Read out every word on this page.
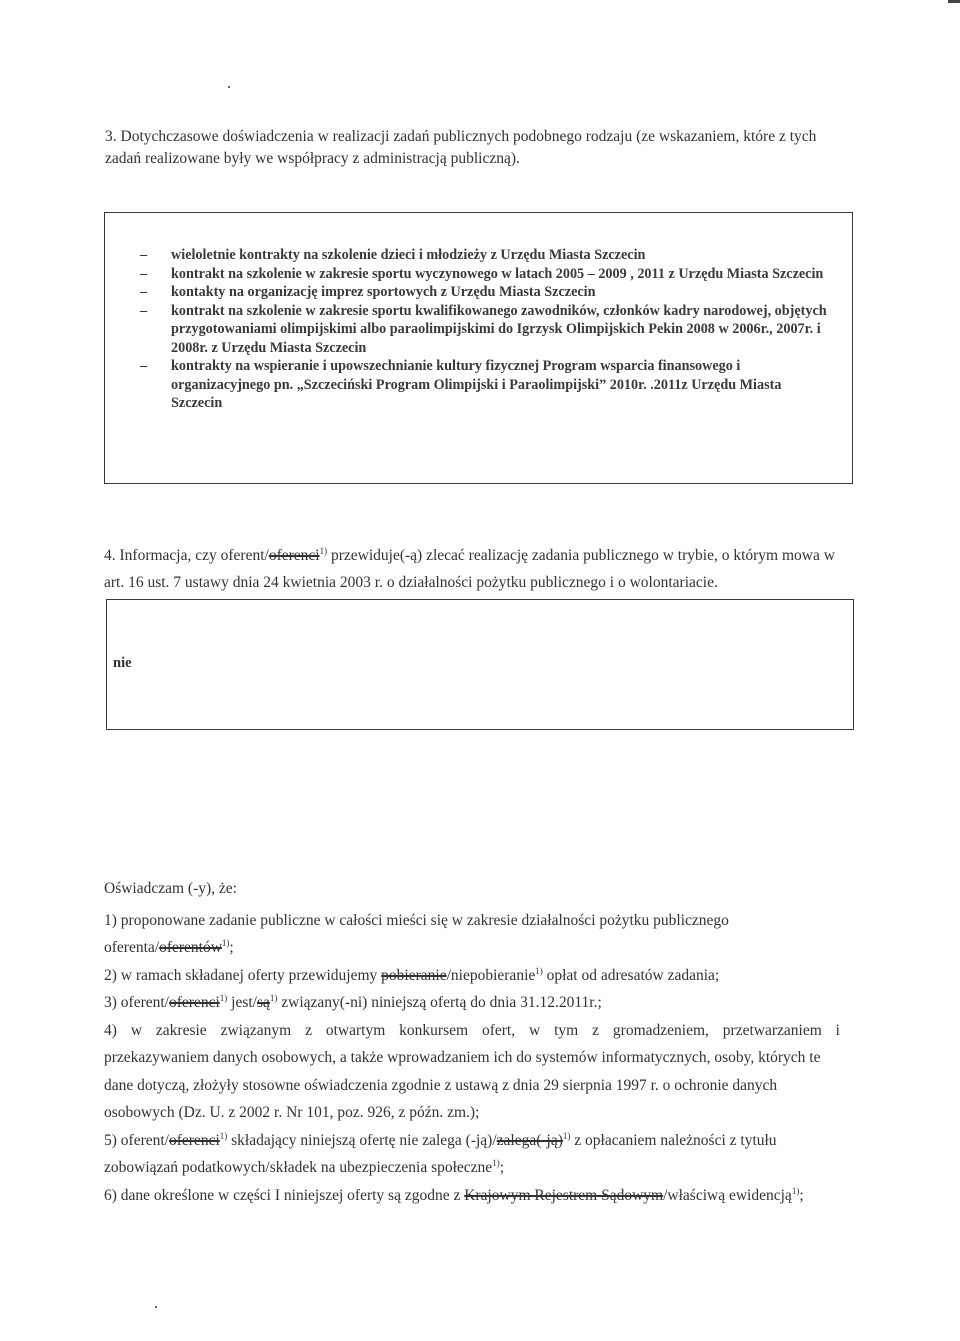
3. Dotychczasowe doświadczenia w realizacji zadań publicznych podobnego rodzaju (ze wskazaniem, które z tych zadań realizowane były we współpracy z administracją publiczną).
– wieloletnie kontrakty na szkolenie dzieci i młodzieży z Urzędu Miasta Szczecin
– kontrakt na szkolenie w zakresie sportu wyczynowego w latach 2005 – 2009 , 2011 z Urzędu Miasta Szczecin
– kontakty na organizację imprez sportowych z Urzędu Miasta Szczecin
– kontrakt na szkolenie w zakresie sportu kwalifikowanego zawodników, członków kadry narodowej, objętych przygotowaniami olimpijskimi albo paraolimpijskimi do Igrzysk Olimpijskich Pekin 2008 w 2006r., 2007r. i 2008r. z Urzędu Miasta Szczecin
– kontrakty na wspieranie i upowszechnianie kultury fizycznej Program wsparcia finansowego i organizacyjnego pn. „Szczeciński Program Olimpijski i Paraolimpijski” 2010r. .2011z Urzędu Miasta Szczecin
4. Informacja, czy oferent/oferenci$^{1)}$ przewiduje(-ą) zlecać realizację zadania publicznego w trybie, o którym mowa w art. 16 ust. 7 ustawy dnia 24 kwietnia 2003 r. o działalności pożytku publicznego i o wolontariacie.
nie

Oświadczam (-y), że:

1) proponowane zadanie publiczne w całości mieści się w zakresie działalności pożytku publicznego oferenta/oferentów$^{1)}$;

2) w ramach składanej oferty przewidujemy pobieranie/niepobieranie$^{1)}$ opłat od adresatów zadania;

3) oferent/oferenci$^{1)}$ jest/$są^{1)}$ związany(-ni) niniejszą ofertą do dnia 31.12.2011r.;

4) w zakresie związanym z otwartym konkursem ofert, w tym z gromadzeniem, przetwarzaniem i
przekazywaniem danych osobowych, a także wprowadzaniem ich do systemów informatycznych, osoby, których te dane dotyczą, złożyły stosowne oświadczenia zgodnie z ustawą z dnia 29 sierpnia 1997 r. o ochronie danych osobowych (Dz. U. z 2002 r. Nr 101, poz. 926, z późn. zm.);

5) oferent/oferenci$^{1)}$ składający niniejszą ofertę nie zalega (-ją)/zalega(-ją)$^{1)}$ z opłacaniem należności z tytułu zobowiązań podatkowych/składek na ubezpieczenia społeczne$^{1)}$;

6) dane określone w części I niniejszej oferty są zgodne z Krajowym Rejestrem Sądowym/właściwą ewidencją$^{1)}$;
